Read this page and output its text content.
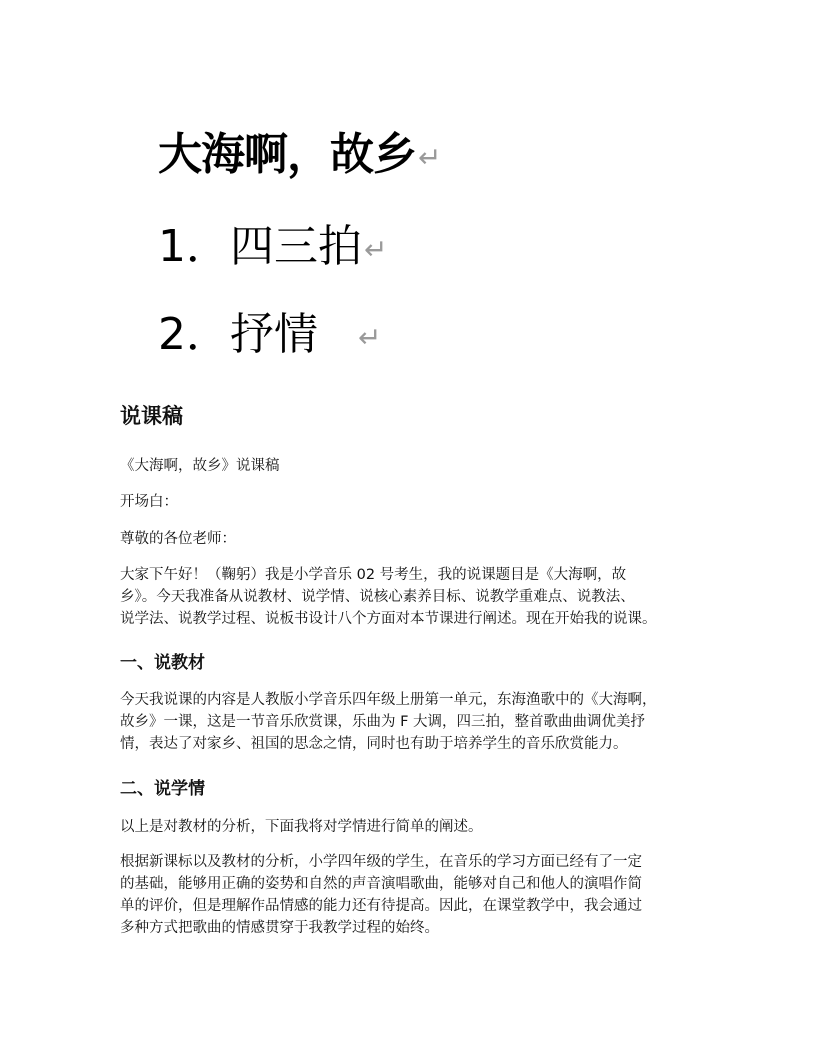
大海啊，故乡↵
1．四三拍↵
2．抒情 ↵
说课稿
《大海啊，故乡》说课稿
开场白：
尊敬的各位老师：
大家下午好！（鞠躬）我是小学音乐 02 号考生，我的说课题目是《大海啊，故
乡》。今天我准备从说教材、说学情、说核心素养目标、说教学重难点、说教法、
说学法、说教学过程、说板书设计八个方面对本节课进行阐述。现在开始我的说课。
一、说教材
今天我说课的内容是人教版小学音乐四年级上册第一单元，东海渔歌中的《大海啊，
故乡》一课，这是一节音乐欣赏课，乐曲为 F 大调，四三拍，整首歌曲曲调优美抒
情，表达了对家乡、祖国的思念之情，同时也有助于培养学生的音乐欣赏能力。
二、说学情
以上是对教材的分析，下面我将对学情进行简单的阐述。
根据新课标以及教材的分析，小学四年级的学生，在音乐的学习方面已经有了一定
的基础，能够用正确的姿势和自然的声音演唱歌曲，能够对自己和他人的演唱作简
单的评价，但是理解作品情感的能力还有待提高。因此，在课堂教学中，我会通过
多种方式把歌曲的情感贯穿于我教学过程的始终。
